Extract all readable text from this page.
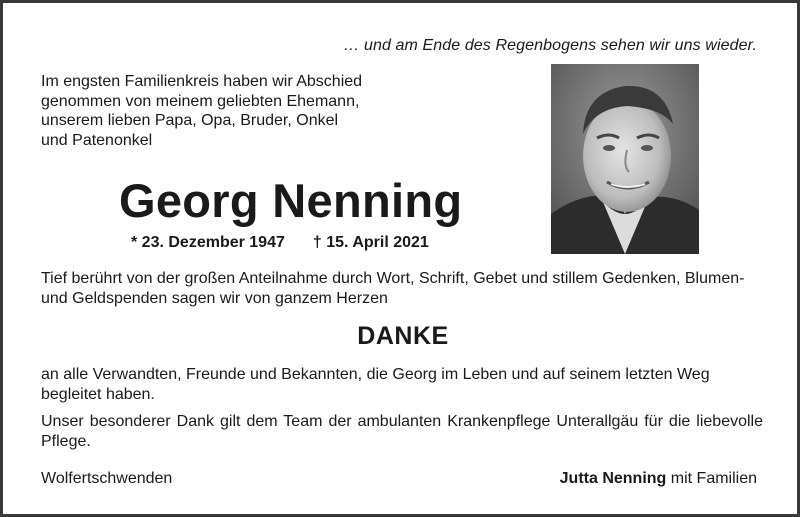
… und am Ende des Regenbogens sehen wir uns wieder.
Im engsten Familienkreis haben wir Abschied
genommen von meinem geliebten Ehemann,
unserem lieben Papa, Opa, Bruder, Onkel
und Patenonkel
Georg Nenning
* 23. Dezember 1947 † 15. April 2021
Tief berührt von der großen Anteilnahme durch Wort, Schrift, Gebet und stillem Gedenken, Blumen- und Geldspenden sagen wir von ganzem Herzen
DANKE
an alle Verwandten, Freunde und Bekannten, die Georg im Leben und auf seinem letzten Weg begleitet haben.
Unser besonderer Dank gilt dem Team der ambulanten Krankenpflege Unterallgäu für die liebevolle Pflege.
Wolfertschwenden	Jutta Nenning mit Familien
